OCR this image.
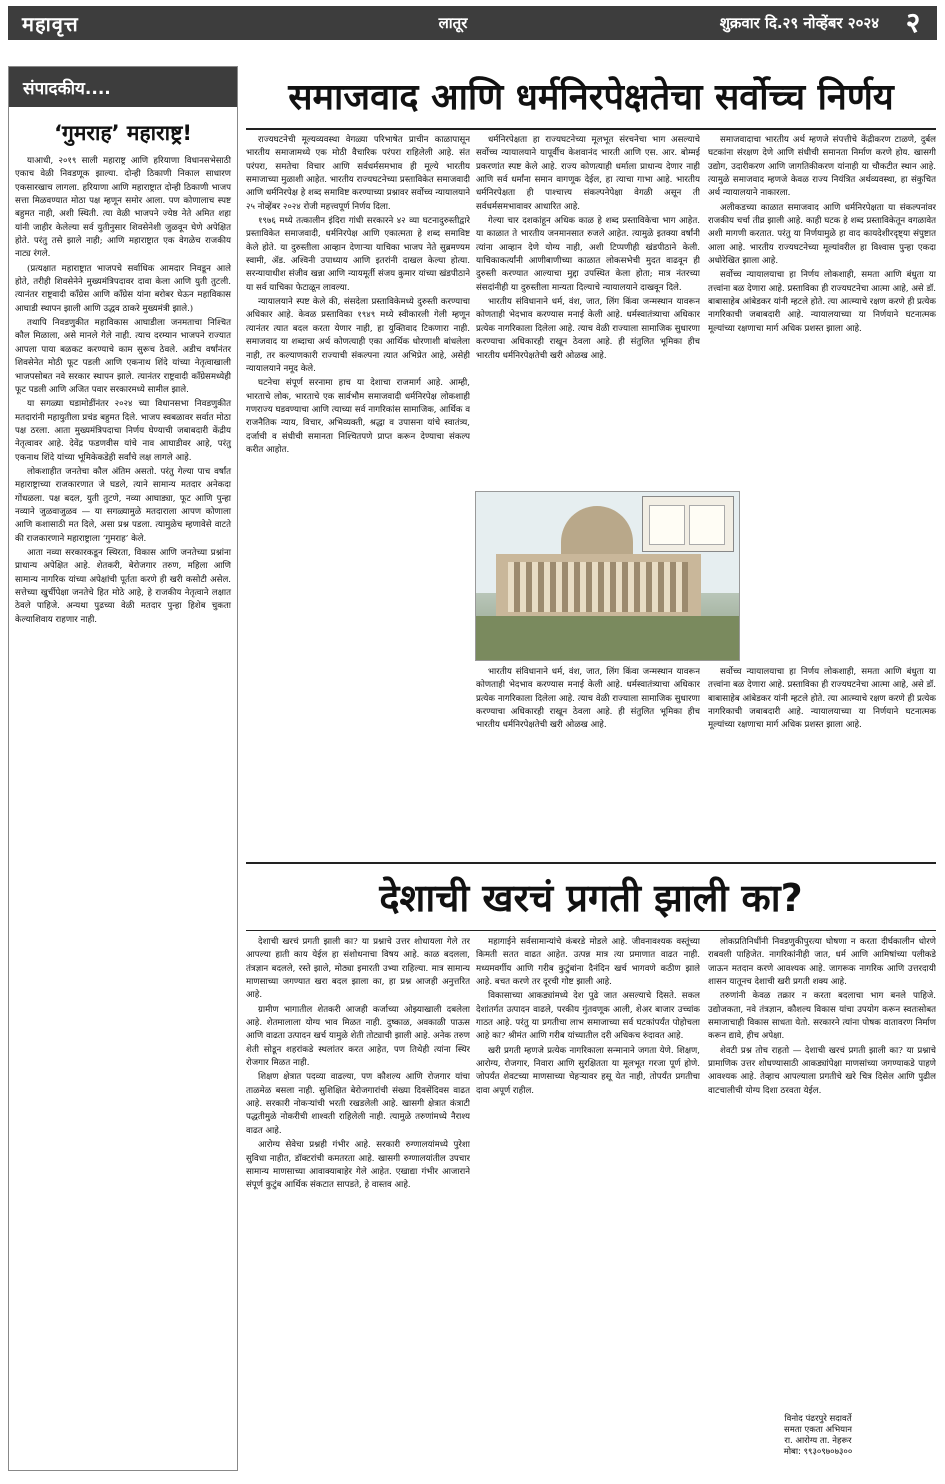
महावृत्त	लातूर	शुक्रवार दि.२९ नोव्हेंबर २०२४ २
संपादकीय....
‘गुमराह’ महाराष्ट्र!

याआधी, २०१९ साली महाराष्ट्र आणि हरियाणा विधानसभेसाठी एकाच वेळी निवडणूक झाल्या. दोन्ही ठिकाणी निकाल साधारण एकसारखाच लागला. हरियाणा आणि महाराष्ट्रात दोन्ही ठिकाणी भाजप सत्ता मिळवण्यात मोठा पक्ष म्हणून समोर आला. पण कोणालाच स्पष्ट बहुमत नाही, अशी स्थिती. त्या वेळी भाजपने ज्येष्ठ नेते अमित शहा यांनी जाहीर केलेल्या सर्व युतीनुसार शिवसेनेशी जुळवून घेणे अपेक्षित होते. परंतु तसे झाले नाही; आणि महाराष्ट्रात एक वेगळेच राजकीय नाट्य रंगले.

(प्रत्यक्षात महाराष्ट्रात भाजपचे सर्वाधिक आमदार निवडून आले होते, तरीही शिवसेनेने मुख्यमंत्रिपदावर दावा केला आणि युती तुटली. त्यानंतर राष्ट्रवादी काँग्रेस आणि काँग्रेस यांना बरोबर घेऊन महाविकास आघाडी स्थापन झाली आणि उद्धव ठाकरे मुख्यमंत्री झाले.)

तथापि निवडणुकीत महाविकास आघाडीला जनमताचा निश्चित कौल मिळाला, असे मानले गेले नाही. त्याच दरम्यान भाजपने राज्यात आपला पाया बळकट करण्याचे काम सुरूच ठेवले. अडीच वर्षांनंतर शिवसेनेत मोठी फूट पडली आणि एकनाथ शिंदे यांच्या नेतृत्वाखाली भाजपसोबत नवे सरकार स्थापन झाले. त्यानंतर राष्ट्रवादी काँग्रेसमध्येही फूट पडली आणि अजित पवार सरकारमध्ये सामील झाले.

या सगळ्या घडामोडींनंतर २०२४ च्या विधानसभा निवडणुकीत मतदारांनी महायुतीला प्रचंड बहुमत दिले. भाजप स्वबळावर सर्वात मोठा पक्ष ठरला. आता मुख्यमंत्रिपदाचा निर्णय घेण्याची जबाबदारी केंद्रीय नेतृत्वावर आहे. देवेंद्र फडणवीस यांचे नाव आघाडीवर आहे, परंतु एकनाथ शिंदे यांच्या भूमिकेकडेही सर्वांचे लक्ष लागले आहे.

लोकशाहीत जनतेचा कौल अंतिम असतो. परंतु गेल्या पाच वर्षांत महाराष्ट्राच्या राजकारणात जे घडले, त्याने सामान्य मतदार अनेकदा गोंधळला. पक्ष बदल, युती तुटणे, नव्या आघाड्या, फूट आणि पुन्हा नव्याने जुळवाजुळव — या सगळ्यामुळे मतदाराला आपण कोणाला आणि कशासाठी मत दिले, असा प्रश्न पडला. त्यामुळेच म्हणावेसे वाटते की राजकारणाने महाराष्ट्राला ‘गुमराह’ केले.

आता नव्या सरकारकडून स्थिरता, विकास आणि जनतेच्या प्रश्नांना प्राधान्य अपेक्षित आहे. शेतकरी, बेरोजगार तरुण, महिला आणि सामान्य नागरिक यांच्या अपेक्षांची पूर्तता करणे ही खरी कसोटी असेल. सत्तेच्या खुर्चीपेक्षा जनतेचे हित मोठे आहे, हे राजकीय नेतृत्वाने लक्षात ठेवले पाहिजे. अन्यथा पुढच्या वेळी मतदार पुन्हा हिशेब चुकता केल्याशिवाय राहणार नाही.

समाजवाद आणि धर्मनिरपेक्षतेचा सर्वोच्च निर्णय

राज्यघटनेची मूल्यव्यवस्था वेगळ्या परिभाषेत प्राचीन काळापासून भारतीय समाजामध्ये एक मोठी वैचारिक परंपरा राहिलेली आहे. संत परंपरा, समतेचा विचार आणि सर्वधर्मसमभाव ही मूल्ये भारतीय समाजाच्या मुळाशी आहेत. भारतीय राज्यघटनेच्या प्रस्ताविकेत समाजवादी आणि धर्मनिरपेक्ष हे शब्द समाविष्ट करण्याच्या प्रश्नावर सर्वोच्च न्यायालयाने २५ नोव्हेंबर २०२४ रोजी महत्त्वपूर्ण निर्णय दिला.

१९७६ मध्ये तत्कालीन इंदिरा गांधी सरकारने ४२ व्या घटनादुरुस्तीद्वारे प्रस्ताविकेत समाजवादी, धर्मनिरपेक्ष आणि एकात्मता हे शब्द समाविष्ट केले होते. या दुरुस्तीला आव्हान देणाऱ्या याचिका भाजप नेते सुब्रमण्यम स्वामी, ॲड. अश्विनी उपाध्याय आणि इतरांनी दाखल केल्या होत्या. सरन्यायाधीश संजीव खन्ना आणि न्यायमूर्ती संजय कुमार यांच्या खंडपीठाने या सर्व याचिका फेटाळून लावल्या.

न्यायालयाने स्पष्ट केले की, संसदेला प्रस्ताविकेमध्ये दुरुस्ती करण्याचा अधिकार आहे. केवळ प्रस्ताविका १९४९ मध्ये स्वीकारली गेली म्हणून त्यानंतर त्यात बदल करता येणार नाही, हा युक्तिवाद टिकणारा नाही. समाजवाद या शब्दाचा अर्थ कोणत्याही एका आर्थिक धोरणाशी बांधलेला नाही, तर कल्याणकारी राज्याची संकल्पना त्यात अभिप्रेत आहे, असेही न्यायालयाने नमूद केले.

घटनेचा संपूर्ण सरनामा हाच या देशाचा राजमार्ग आहे. आम्ही, भारताचे लोक, भारताचे एक सार्वभौम समाजवादी धर्मनिरपेक्ष लोकशाही गणराज्य घडवण्याचा आणि त्याच्या सर्व नागरिकांस सामाजिक, आर्थिक व राजनैतिक न्याय, विचार, अभिव्यक्ती, श्रद्धा व उपासना यांचे स्वातंत्र्य, दर्जाची व संधीची समानता निश्चितपणे प्राप्त करून देण्याचा संकल्प करीत आहोत.

धर्मनिरपेक्षता हा राज्यघटनेच्या मूलभूत संरचनेचा भाग असल्याचे सर्वोच्च न्यायालयाने यापूर्वीच केशवानंद भारती आणि एस. आर. बोम्मई प्रकरणांत स्पष्ट केले आहे. राज्य कोणत्याही धर्माला प्राधान्य देणार नाही आणि सर्व धर्मांना समान वागणूक देईल, हा त्याचा गाभा आहे. भारतीय धर्मनिरपेक्षता ही पाश्चात्त्य संकल्पनेपेक्षा वेगळी असून ती सर्वधर्मसमभावावर आधारित आहे.

गेल्या चार दशकांहून अधिक काळ हे शब्द प्रस्ताविकेचा भाग आहेत. या काळात ते भारतीय जनमानसात रुजले आहेत. त्यामुळे इतक्या वर्षांनी त्यांना आव्हान देणे योग्य नाही, अशी टिप्पणीही खंडपीठाने केली. याचिकाकर्त्यांनी आणीबाणीच्या काळात लोकसभेची मुदत वाढवून ही दुरुस्ती करण्यात आल्याचा मुद्दा उपस्थित केला होता; मात्र नंतरच्या संसदांनीही या दुरुस्तीला मान्यता दिल्याचे न्यायालयाने दाखवून दिले.

भारतीय संविधानाने धर्म, वंश, जात, लिंग किंवा जन्मस्थान यावरून कोणताही भेदभाव करण्यास मनाई केली आहे. धर्मस्वातंत्र्याचा अधिकार प्रत्येक नागरिकाला दिलेला आहे. त्याच वेळी राज्याला सामाजिक सुधारणा करण्याचा अधिकारही राखून ठेवला आहे. ही संतुलित भूमिका हीच भारतीय धर्मनिरपेक्षतेची खरी ओळख आहे.

समाजवादाचा भारतीय अर्थ म्हणजे संपत्तीचे केंद्रीकरण टाळणे, दुर्बल घटकांना संरक्षण देणे आणि संधीची समानता निर्माण करणे होय. खासगी उद्योग, उदारीकरण आणि जागतिकीकरण यांनाही या चौकटीत स्थान आहे. त्यामुळे समाजवाद म्हणजे केवळ राज्य नियंत्रित अर्थव्यवस्था, हा संकुचित अर्थ न्यायालयाने नाकारला.

अलीकडच्या काळात समाजवाद आणि धर्मनिरपेक्षता या संकल्पनांवर राजकीय चर्चा तीव्र झाली आहे. काही घटक हे शब्द प्रस्ताविकेतून वगळावेत अशी मागणी करतात. परंतु या निर्णयामुळे हा वाद कायदेशीरदृष्ट्या संपुष्टात आला आहे. भारतीय राज्यघटनेच्या मूल्यांवरील हा विश्वास पुन्हा एकदा अधोरेखित झाला आहे.

सर्वोच्च न्यायालयाचा हा निर्णय लोकशाही, समता आणि बंधुता या तत्त्वांना बळ देणारा आहे. प्रस्ताविका ही राज्यघटनेचा आत्मा आहे, असे डॉ. बाबासाहेब आंबेडकर यांनी म्हटले होते. त्या आत्म्याचे रक्षण करणे ही प्रत्येक नागरिकाची जबाबदारी आहे. न्यायालयाच्या या निर्णयाने घटनात्मक मूल्यांच्या रक्षणाचा मार्ग अधिक प्रशस्त झाला आहे.

भारतीय संविधानाने धर्म, वंश, जात, लिंग किंवा जन्मस्थान यावरून कोणताही भेदभाव करण्यास मनाई केली आहे. धर्मस्वातंत्र्याचा अधिकार प्रत्येक नागरिकाला दिलेला आहे. त्याच वेळी राज्याला सामाजिक सुधारणा करण्याचा अधिकारही राखून ठेवला आहे. ही संतुलित भूमिका हीच भारतीय धर्मनिरपेक्षतेची खरी ओळख आहे.

सर्वोच्च न्यायालयाचा हा निर्णय लोकशाही, समता आणि बंधुता या तत्त्वांना बळ देणारा आहे. प्रस्ताविका ही राज्यघटनेचा आत्मा आहे, असे डॉ. बाबासाहेब आंबेडकर यांनी म्हटले होते. त्या आत्म्याचे रक्षण करणे ही प्रत्येक नागरिकाची जबाबदारी आहे. न्यायालयाच्या या निर्णयाने घटनात्मक मूल्यांच्या रक्षणाचा मार्ग अधिक प्रशस्त झाला आहे.

देशाची खरचं प्रगती झाली का?

देशाची खरचं प्रगती झाली का? या प्रश्नाचे उत्तर शोधायला गेले तर आपल्या हाती काय येईल हा संशोधनाचा विषय आहे. काळ बदलला, तंत्रज्ञान बदलले, रस्ते झाले, मोठ्या इमारती उभ्या राहिल्या. मात्र सामान्य माणसाच्या जगण्यात खरा बदल झाला का, हा प्रश्न आजही अनुत्तरित आहे.

ग्रामीण भागातील शेतकरी आजही कर्जाच्या ओझ्याखाली दबलेला आहे. शेतमालाला योग्य भाव मिळत नाही. दुष्काळ, अवकाळी पाऊस आणि वाढता उत्पादन खर्च यामुळे शेती तोट्याची झाली आहे. अनेक तरुण शेती सोडून शहरांकडे स्थलांतर करत आहेत, पण तिथेही त्यांना स्थिर रोजगार मिळत नाही.

शिक्षण क्षेत्रात पदव्या वाढल्या, पण कौशल्य आणि रोजगार यांचा ताळमेळ बसला नाही. सुशिक्षित बेरोजगारांची संख्या दिवसेंदिवस वाढत आहे. सरकारी नोकऱ्यांची भरती रखडलेली आहे. खासगी क्षेत्रात कंत्राटी पद्धतीमुळे नोकरीची शाश्वती राहिलेली नाही. त्यामुळे तरुणांमध्ये नैराश्य वाढत आहे.

आरोग्य सेवेचा प्रश्नही गंभीर आहे. सरकारी रुग्णालयांमध्ये पुरेशा सुविधा नाहीत, डॉक्टरांची कमतरता आहे. खासगी रुग्णालयांतील उपचार सामान्य माणसाच्या आवाक्याबाहेर गेले आहेत. एखाद्या गंभीर आजाराने संपूर्ण कुटुंब आर्थिक संकटात सापडते, हे वास्तव आहे.

महागाईने सर्वसामान्यांचे कंबरडे मोडले आहे. जीवनावश्यक वस्तूंच्या किमती सतत वाढत आहेत. उत्पन्न मात्र त्या प्रमाणात वाढत नाही. मध्यमवर्गीय आणि गरीब कुटुंबांना दैनंदिन खर्च भागवणे कठीण झाले आहे. बचत करणे तर दूरची गोष्ट झाली आहे.

विकासाच्या आकड्यांमध्ये देश पुढे जात असल्याचे दिसते. सकल देशांतर्गत उत्पादन वाढले, परकीय गुंतवणूक आली, शेअर बाजार उच्चांक गाठत आहे. परंतु या प्रगतीचा लाभ समाजाच्या सर्व घटकांपर्यंत पोहोचला आहे का? श्रीमंत आणि गरीब यांच्यातील दरी अधिकच रुंदावत आहे.

खरी प्रगती म्हणजे प्रत्येक नागरिकाला सन्मानाने जगता येणे. शिक्षण, आरोग्य, रोजगार, निवारा आणि सुरक्षितता या मूलभूत गरजा पूर्ण होणे. जोपर्यंत शेवटच्या माणसाच्या चेहऱ्यावर हसू येत नाही, तोपर्यंत प्रगतीचा दावा अपूर्ण राहील.

लोकप्रतिनिधींनी निवडणुकीपुरत्या घोषणा न करता दीर्घकालीन धोरणे राबवली पाहिजेत. नागरिकांनीही जात, धर्म आणि आमिषांच्या पलीकडे जाऊन मतदान करणे आवश्यक आहे. जागरूक नागरिक आणि उत्तरदायी शासन यातूनच देशाची खरी प्रगती शक्य आहे.

तरुणांनी केवळ तक्रार न करता बदलाचा भाग बनले पाहिजे. उद्योजकता, नवे तंत्रज्ञान, कौशल्य विकास यांचा उपयोग करून स्वतःसोबत समाजाचाही विकास साधता येतो. सरकारने त्यांना पोषक वातावरण निर्माण करून द्यावे, हीच अपेक्षा.

शेवटी प्रश्न तोच राहतो — देशाची खरचं प्रगती झाली का? या प्रश्नाचे प्रामाणिक उत्तर शोधण्यासाठी आकड्यांपेक्षा माणसांच्या जगण्याकडे पाहणे आवश्यक आहे. तेव्हाच आपल्याला प्रगतीचे खरे चित्र दिसेल आणि पुढील वाटचालीची योग्य दिशा ठरवता येईल.

विनोद पंढरपुरे सदावर्ते
समता एकता अभियान
रा. आरोग्य ता. नेहरूर
मोबा: ९९३०९७०७३००
